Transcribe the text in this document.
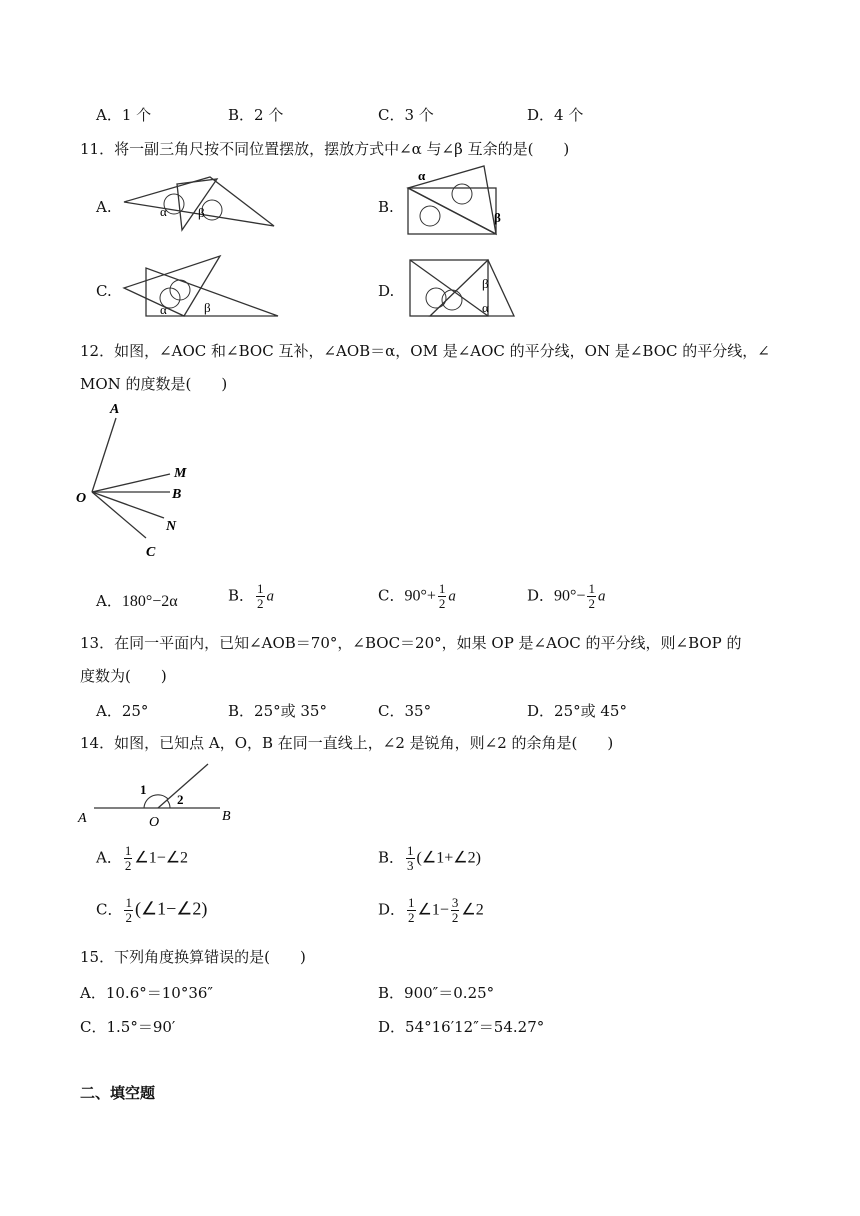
A．1 个	B．2 个	C．3 个	D．4 个
11．将一副三角尺按不同位置摆放，摆放方式中∠α 与∠β 互余的是(　　)
A.	B.
C.	D.
α β
α
β
α	β
β
α
12．如图，∠AOC 和∠BOC 互补，∠AOB＝α，OM 是∠AOC 的平分线，ON 是∠BOC 的平分线，∠
MON 的度数是(　　)
A
M
O	B
N
C
A．180°−2α	B． $\frac{1}{2}$ a	C．$90^\circ+ \frac{1}{2}$ a	D．$90^\circ- \frac{1}{2}$ a
13．在同一平面内，已知∠AOB＝70°，∠BOC＝20°，如果 OP 是∠AOC 的平分线，则∠BOP 的
度数为(　　)
A．25°	B．25°或 35°	C．35°	D．25°或 45°
14．如图，已知点 A，O，B 在同一直线上，∠2 是锐角，则∠2 的余角是(　　)
1
2
A	O	B
A． $\frac{1}{2}$ ∠1−∠2	B． $\frac{1}{3}$ (∠1+∠2)
C． $\frac{1}{2}$ (∠1−∠2)	D． $\frac{1}{2}$ ∠1− $\frac{3}{2}$ ∠2
15．下列角度换算错误的是(　　)
A．10.6°＝10°36″	B．900″＝0.25°
C．1.5°＝90′	D．54°16′12″＝54.27°
二、填空题
